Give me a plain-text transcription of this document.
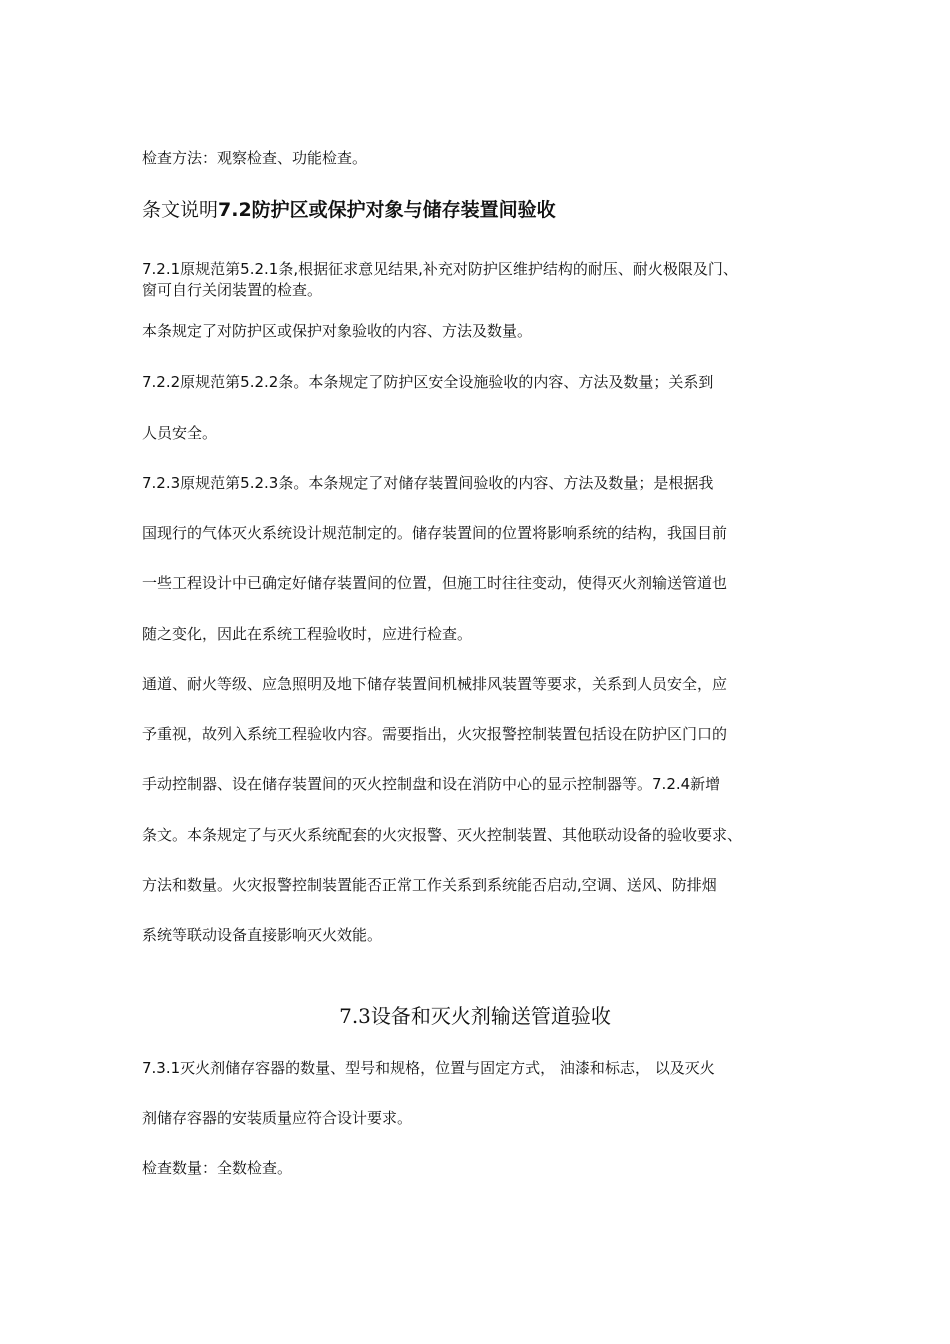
检查方法：观察检查、功能检查。
条文说明7.2防护区或保护对象与储存装置间验收
7.2.1原规范第5.2.1条,根据征求意见结果,补充对防护区维护结构的耐压、耐火极限及门、
窗可自行关闭装置的检查。
本条规定了对防护区或保护对象验收的内容、方法及数量。
7.2.2原规范第5.2.2条。本条规定了防护区安全设施验收的内容、方法及数量；关系到
人员安全。
7.2.3原规范第5.2.3条。本条规定了对储存装置间验收的内容、方法及数量；是根据我
国现行的气体灭火系统设计规范制定的。储存装置间的位置将影响系统的结构，我国目前
一些工程设计中已确定好储存装置间的位置，但施工时往往变动，使得灭火剂输送管道也
随之变化，因此在系统工程验收时，应进行检查。
通道、耐火等级、应急照明及地下储存装置间机械排风装置等要求，关系到人员安全，应
予重视，故列入系统工程验收内容。需要指出，火灾报警控制装置包括设在防护区门口的
手动控制器、设在储存装置间的灭火控制盘和设在消防中心的显示控制器等。7.2.4新增
条文。本条规定了与灭火系统配套的火灾报警、灭火控制装置、其他联动设备的验收要求、
方法和数量。火灾报警控制装置能否正常工作关系到系统能否启动,空调、送风、防排烟
系统等联动设备直接影响灭火效能。
7.3设备和灭火剂输送管道验收
7.3.1灭火剂储存容器的数量、型号和规格，位置与固定方式， 油漆和标志， 以及灭火
剂储存容器的安装质量应符合设计要求。
检查数量：全数检查。
